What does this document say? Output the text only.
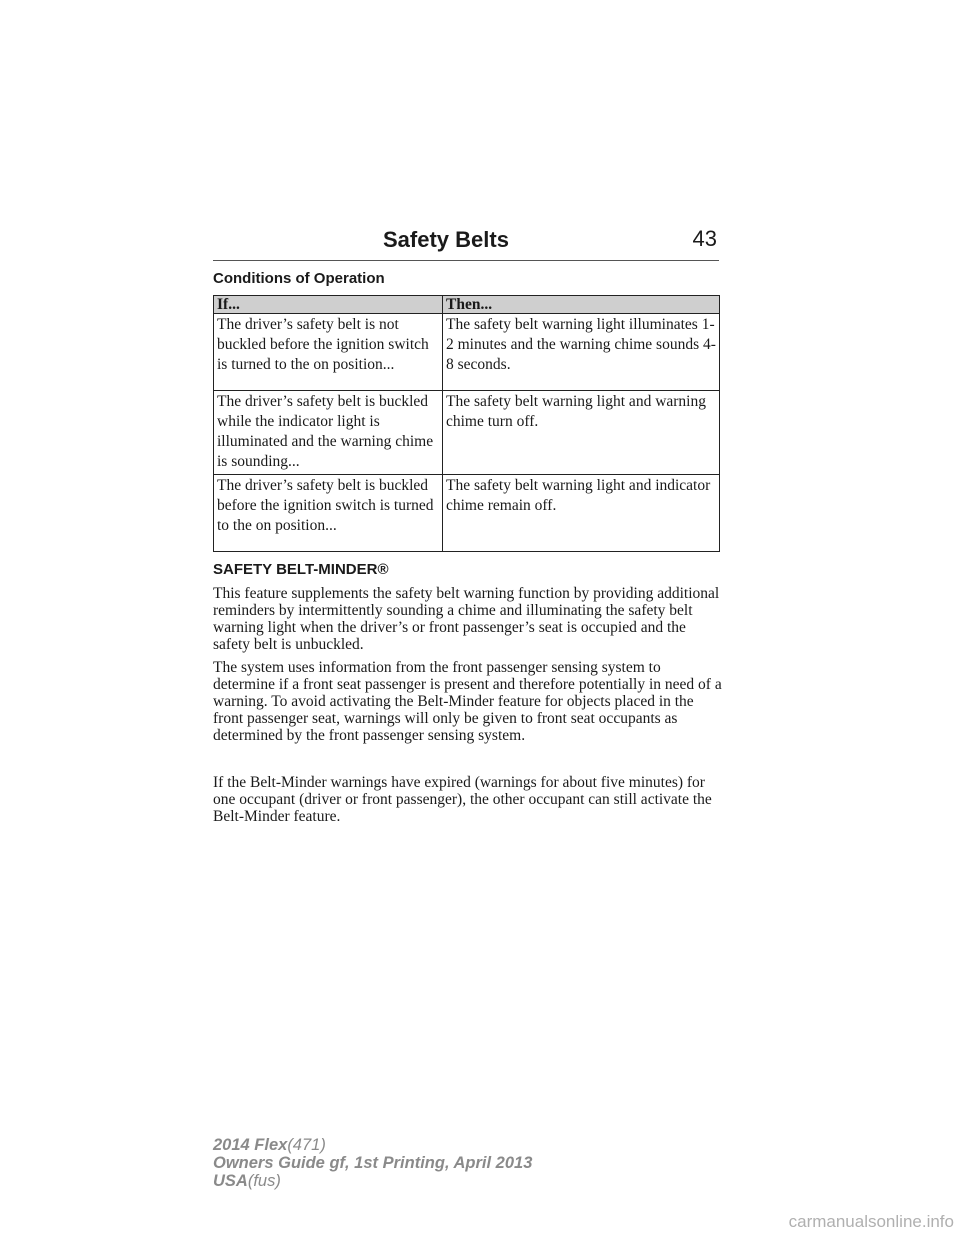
Safety Belts	43
Conditions of Operation
If...	Then...
The driver’s safety belt is not buckled before the ignition switch is turned to the on position...	The safety belt warning light illuminates 1-2 minutes and the warning chime sounds 4-8 seconds.
The driver’s safety belt is buckled while the indicator light is illuminated and the warning chime is sounding...	The safety belt warning light and warning chime turn off.
The driver’s safety belt is buckled before the ignition switch is turned to the on position...	The safety belt warning light and indicator chime remain off.
SAFETY BELT-MINDER®

This feature supplements the safety belt warning function by providing additional reminders by intermittently sounding a chime and illuminating the safety belt warning light when the driver’s or front passenger’s seat is occupied and the safety belt is unbuckled.

The system uses information from the front passenger sensing system to determine if a front seat passenger is present and therefore potentially in need of a warning. To avoid activating the Belt-Minder feature for objects placed in the front passenger seat, warnings will only be given to front seat occupants as determined by the front passenger sensing system.

If the Belt-Minder warnings have expired (warnings for about five minutes) for one occupant (driver or front passenger), the other occupant can still activate the Belt-Minder feature.

2014 Flex(471)
Owners Guide gf, 1st Printing, April 2013
USA(fus)
carmanualsonline.info
